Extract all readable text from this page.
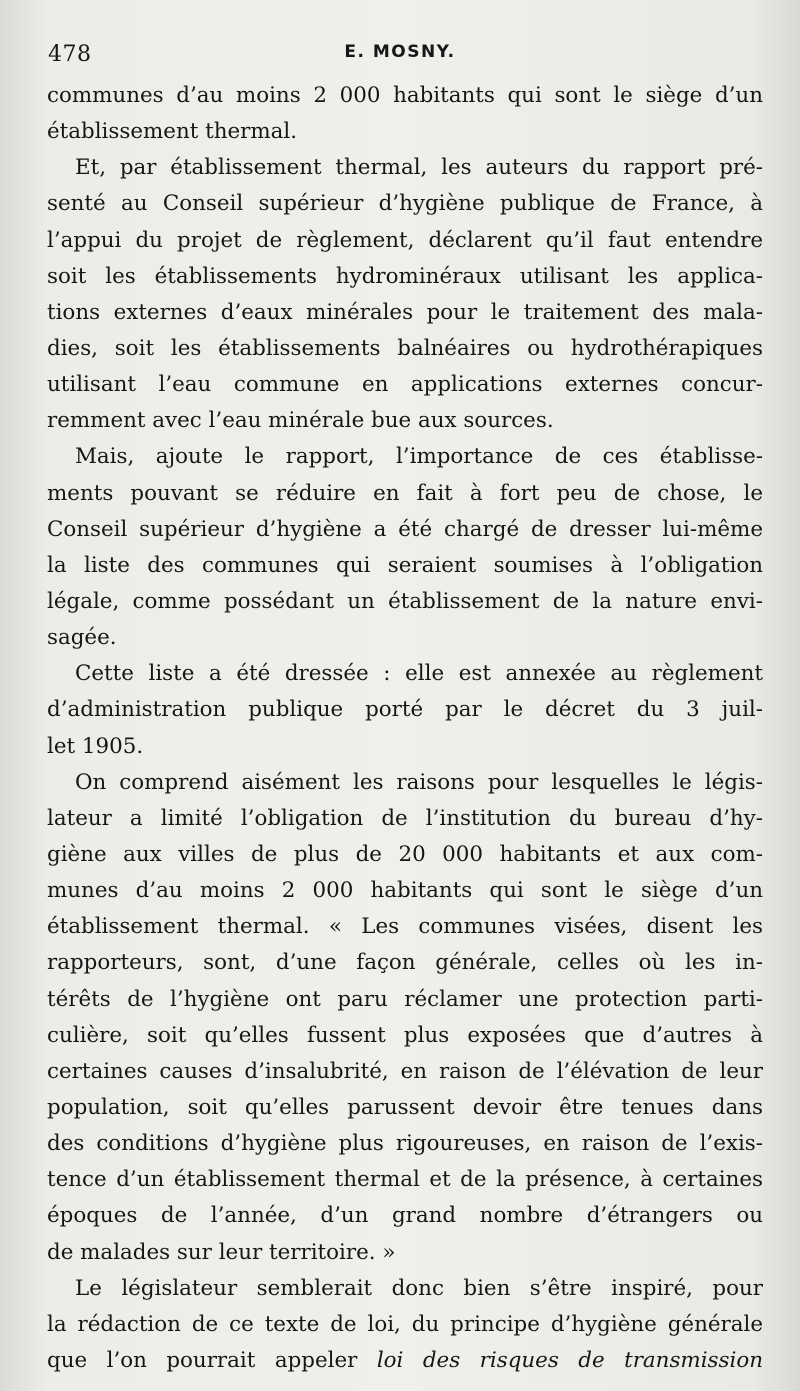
478	E. MOSNY.
communes d’au moins 2 000 habitants qui sont le siège d’un
établissement thermal.
Et, par établissement thermal, les auteurs du rapport pré-
senté au Conseil supérieur d’hygiène publique de France, à
l’appui du projet de règlement, déclarent qu’il faut entendre
soit les établissements hydrominéraux utilisant les applica-
tions externes d’eaux minérales pour le traitement des mala-
dies, soit les établissements balnéaires ou hydrothérapiques
utilisant l’eau commune en applications externes concur-
remment avec l’eau minérale bue aux sources.
Mais, ajoute le rapport, l’importance de ces établisse-
ments pouvant se réduire en fait à fort peu de chose, le
Conseil supérieur d’hygiène a été chargé de dresser lui-même
la liste des communes qui seraient soumises à l’obligation
légale, comme possédant un établissement de la nature envi-
sagée.
Cette liste a été dressée : elle est annexée au règlement
d’administration publique porté par le décret du 3 juil-
let 1905.
On comprend aisément les raisons pour lesquelles le légis-
lateur a limité l’obligation de l’institution du bureau d’hy-
giène aux villes de plus de 20 000 habitants et aux com-
munes d’au moins 2 000 habitants qui sont le siège d’un
établissement thermal. « Les communes visées, disent les
rapporteurs, sont, d’une façon générale, celles où les in-
térêts de l’hygiène ont paru réclamer une protection parti-
culière, soit qu’elles fussent plus exposées que d’autres à
certaines causes d’insalubrité, en raison de l’élévation de leur
population, soit qu’elles parussent devoir être tenues dans
des conditions d’hygiène plus rigoureuses, en raison de l’exis-
tence d’un établissement thermal et de la présence, à certaines
époques de l’année, d’un grand nombre d’étrangers ou
de malades sur leur territoire. »
Le législateur semblerait donc bien s’être inspiré, pour
la rédaction de ce texte de loi, du principe d’hygiène générale
que l’on pourrait appeler loi des risques de transmission
